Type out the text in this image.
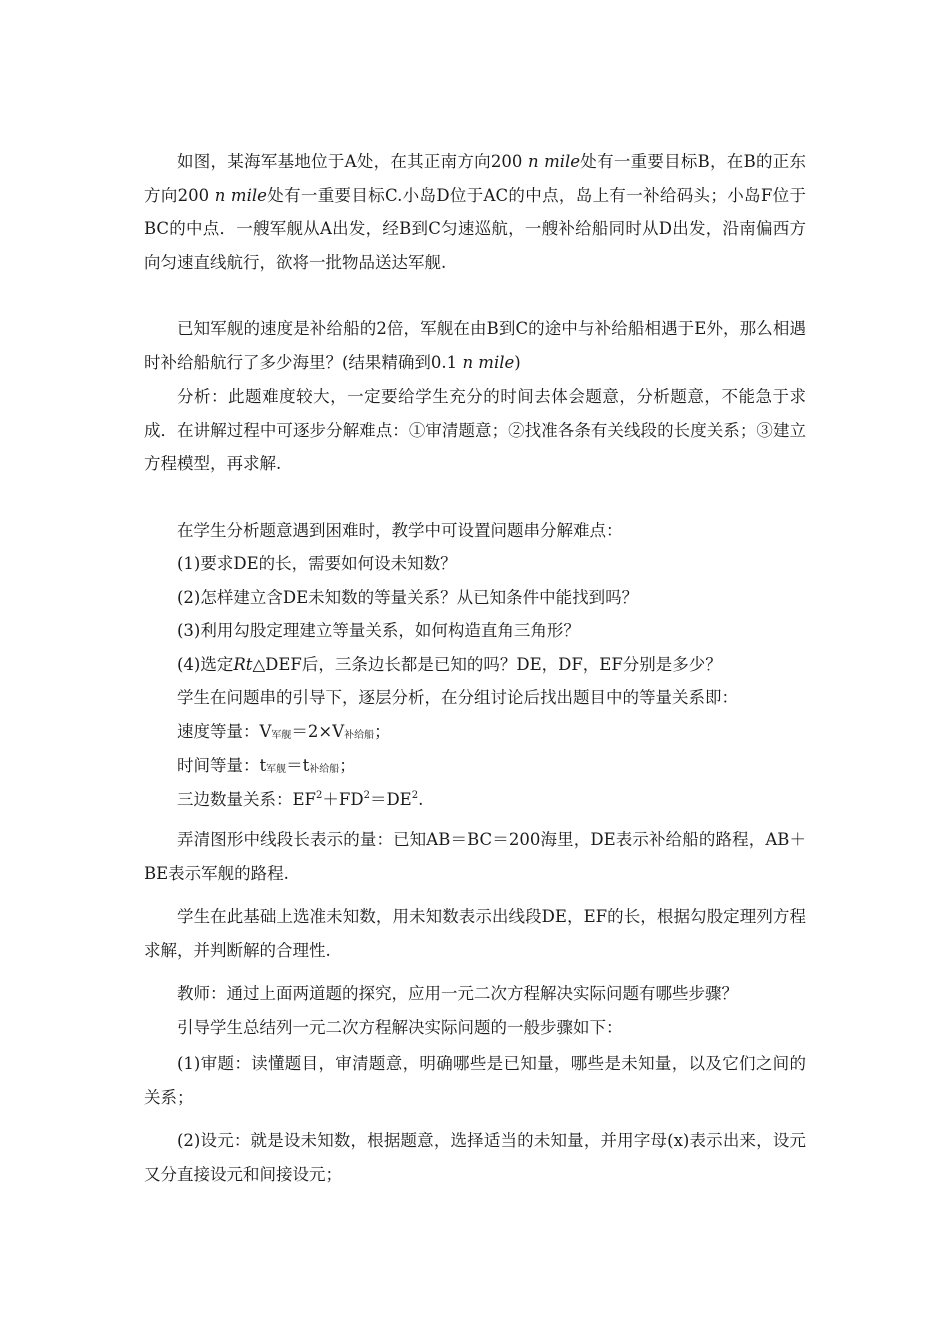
如图，某海军基地位于A处，在其正南方向200 n mile处有一重要目标B，在B的正东方向200 n mile处有一重要目标C.小岛D位于AC的中点，岛上有一补给码头；小岛F位于BC的中点．一艘军舰从A出发，经B到C匀速巡航，一艘补给船同时从D出发，沿南偏西方向匀速直线航行，欲将一批物品送达军舰.

已知军舰的速度是补给船的2倍，军舰在由B到C的途中与补给船相遇于E外，那么相遇时补给船航行了多少海里？(结果精确到0.1 n mile)

分析：此题难度较大，一定要给学生充分的时间去体会题意，分析题意，不能急于求成．在讲解过程中可逐步分解难点：①审清题意；②找准各条有关线段的长度关系；③建立方程模型，再求解.

在学生分析题意遇到困难时，教学中可设置问题串分解难点：

(1)要求DE的长，需要如何设未知数？

(2)怎样建立含DE未知数的等量关系？从已知条件中能找到吗？

(3)利用勾股定理建立等量关系，如何构造直角三角形？

(4)选定Rt△DEF后，三条边长都是已知的吗？DE，DF，EF分别是多少？

学生在问题串的引导下，逐层分析，在分组讨论后找出题目中的等量关系即：

速度等量：V军舰＝2×V补给船；

时间等量：t军舰＝t补给船；

三边数量关系：$EF^2+FD^2=DE^2$.

弄清图形中线段长表示的量：已知AB＝BC＝200海里，DE表示补给船的路程，AB＋BE表示军舰的路程.

学生在此基础上选准未知数，用未知数表示出线段DE，EF的长，根据勾股定理列方程求解，并判断解的合理性.

教师：通过上面两道题的探究，应用一元二次方程解决实际问题有哪些步骤？

引导学生总结列一元二次方程解决实际问题的一般步骤如下：

(1)审题：读懂题目，审清题意，明确哪些是已知量，哪些是未知量，以及它们之间的关系；

(2)设元：就是设未知数，根据题意，选择适当的未知量，并用字母(x)表示出来，设元又分直接设元和间接设元；
